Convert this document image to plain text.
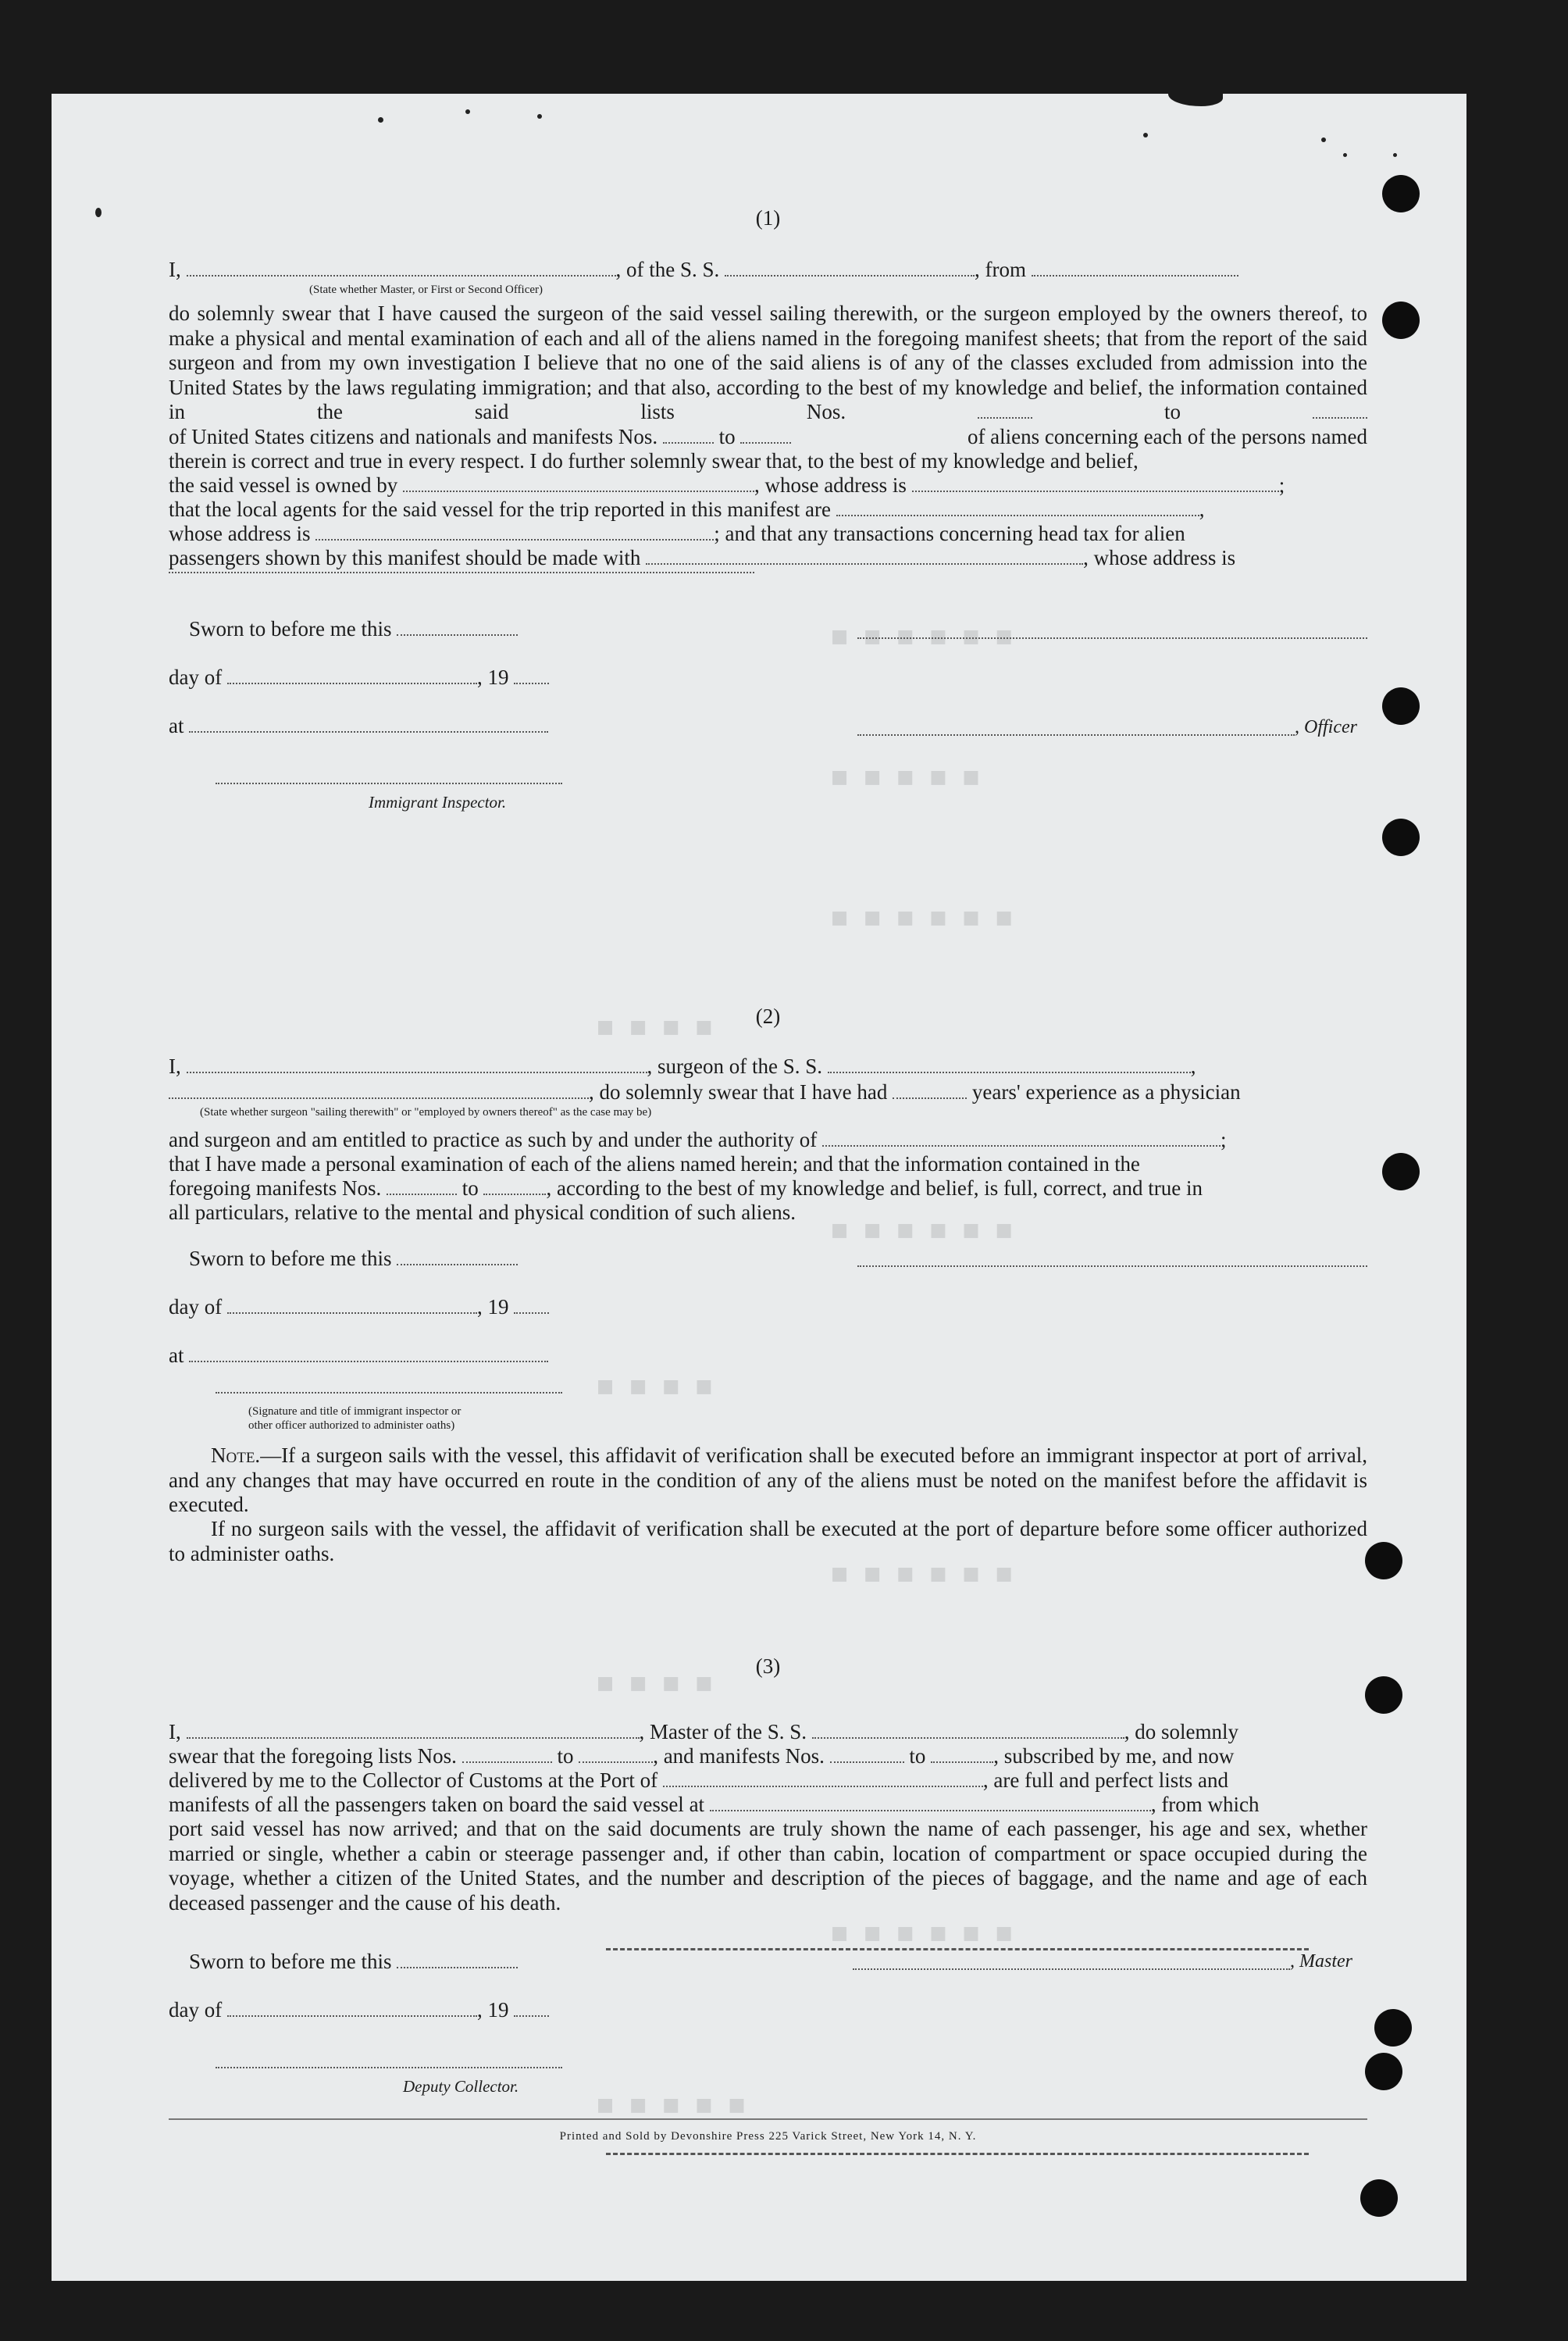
■ ■ ■ ■ ■ ■
■ ■ ■ ■ ■
■ ■ ■ ■ ■ ■
■ ■ ■ ■
■ ■ ■ ■ ■ ■
■ ■ ■ ■
■ ■ ■ ■ ■ ■
■ ■ ■ ■
■ ■ ■ ■ ■ ■
■ ■ ■ ■ ■
(1)
I,	, of the S. S.	, from
(State whether Master, or First or Second Officer)
do solemnly swear that I have caused the surgeon of the said vessel sailing therewith, or the surgeon employed by the owners thereof, to make a physical and mental examination of each and all of the aliens named in the foregoing manifest sheets; that from the report of the said surgeon and from my own investigation I believe that no one of the said aliens is of any of the classes excluded from admission into the United States by the laws regulating immigration; and that also, according to the best of my knowledge and belief, the information contained in the said lists Nos.	to
of United States citizens and nationals and manifests Nos.	to	of aliens concerning each of the persons named
therein is correct and true in every respect. I do further solemnly swear that, to the best of my knowledge and belief,
the said vessel is owned by	, whose address is	;
that the local agents for the said vessel for the trip reported in this manifest are	,
whose address is	; and that any transactions concerning head tax for alien
passengers shown by this manifest should be made with	, whose address is
Sworn to before me this
day of	, 19
at	, Officer
Immigrant Inspector.
(2)
I,	, surgeon of the S. S.	,
, do solemnly swear that I have had	years' experience as a physician
(State whether surgeon "sailing therewith" or "employed by owners thereof" as the case may be)
and surgeon and am entitled to practice as such by and under the authority of	;
that I have made a personal examination of each of the aliens named herein; and that the information contained in the
foregoing manifests Nos.	to	, according to the best of my knowledge and belief, is full, correct, and true in
all particulars, relative to the mental and physical condition of such aliens.
Sworn to before me this
day of	, 19
at
(Signature and title of immigrant inspector or
other officer authorized to administer oaths)
Note.—If a surgeon sails with the vessel, this affidavit of verification shall be executed before an immigrant inspector at port of arrival, and any changes that may have occurred en route in the condition of any of the aliens must be noted on the manifest before the affidavit is executed.
If no surgeon sails with the vessel, the affidavit of verification shall be executed at the port of departure before some officer authorized to administer oaths.
(3)
I,	, Master of the S. S.	, do solemnly
swear that the foregoing lists Nos.	to	, and manifests Nos.	to	, subscribed by me, and now
delivered by me to the Collector of Customs at the Port of	, are full and perfect lists and
manifests of all the passengers taken on board the said vessel at	, from which
port said vessel has now arrived; and that on the said documents are truly shown the name of each passenger, his age and sex, whether married or single, whether a cabin or steerage passenger and, if other than cabin, location of compartment or space occupied during the voyage, whether a citizen of the United States, and the number and description of the pieces of baggage, and the name and age of each deceased passenger and the cause of his death.
Sworn to before me this	, Master
day of	, 19
Deputy Collector.
Printed and Sold by Devonshire Press 225 Varick Street, New York 14, N. Y.
